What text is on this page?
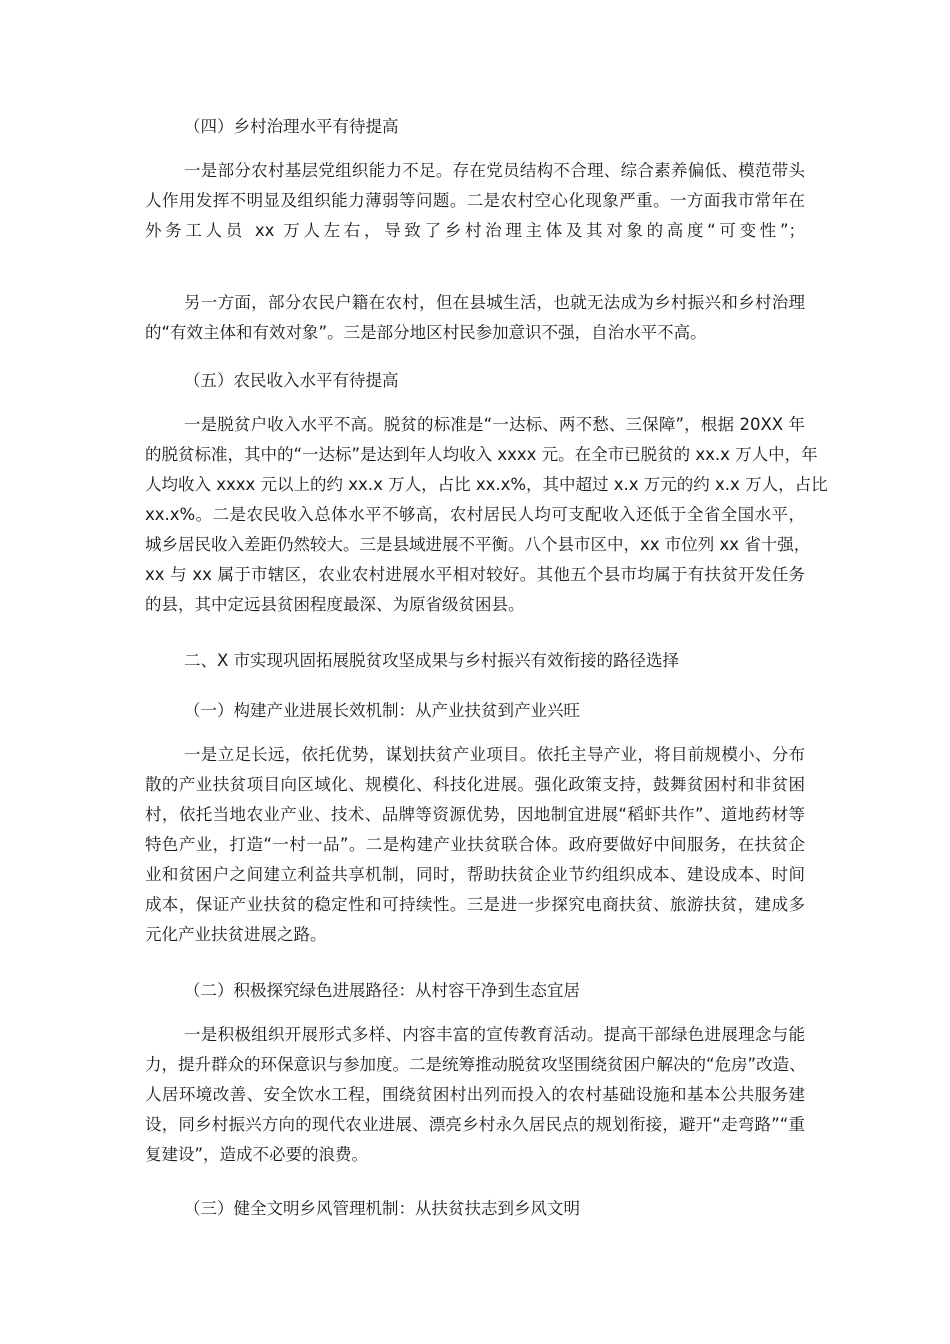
（四）乡村治理水平有待提高
一是部分农村基层党组织能力不足。存在党员结构不合理、综合素养偏低、模范带头
人作用发挥不明显及组织能力薄弱等问题。二是农村空心化现象严重。一方面我市常年在
外务工人员 xx 万人左右，导致了乡村治理主体及其对象的高度“可变性”；
另一方面，部分农民户籍在农村，但在县城生活，也就无法成为乡村振兴和乡村治理
的“有效主体和有效对象”。三是部分地区村民参加意识不强，自治水平不高。
（五）农民收入水平有待提高
一是脱贫户收入水平不高。脱贫的标准是“一达标、两不愁、三保障”，根据 20XX 年
的脱贫标准，其中的“一达标”是达到年人均收入 xxxx 元。在全市已脱贫的 xx.x 万人中，年
人均收入 xxxx 元以上的约 xx.x 万人，占比 xx.x%，其中超过 x.x 万元的约 x.x 万人，占比
xx.x%。二是农民收入总体水平不够高，农村居民人均可支配收入还低于全省全国水平，
城乡居民收入差距仍然较大。三是县域进展不平衡。八个县市区中，xx 市位列 xx 省十强，
xx 与 xx 属于市辖区，农业农村进展水平相对较好。其他五个县市均属于有扶贫开发任务
的县，其中定远县贫困程度最深、为原省级贫困县。
二、X 市实现巩固拓展脱贫攻坚成果与乡村振兴有效衔接的路径选择
（一）构建产业进展长效机制：从产业扶贫到产业兴旺
一是立足长远，依托优势，谋划扶贫产业项目。依托主导产业，将目前规模小、分布
散的产业扶贫项目向区域化、规模化、科技化进展。强化政策支持，鼓舞贫困村和非贫困
村，依托当地农业产业、技术、品牌等资源优势，因地制宜进展“稻虾共作”、道地药材等
特色产业，打造“一村一品”。二是构建产业扶贫联合体。政府要做好中间服务，在扶贫企
业和贫困户之间建立利益共享机制，同时，帮助扶贫企业节约组织成本、建设成本、时间
成本，保证产业扶贫的稳定性和可持续性。三是进一步探究电商扶贫、旅游扶贫，建成多
元化产业扶贫进展之路。
（二）积极探究绿色进展路径：从村容干净到生态宜居
一是积极组织开展形式多样、内容丰富的宣传教育活动。提高干部绿色进展理念与能
力，提升群众的环保意识与参加度。二是统筹推动脱贫攻坚围绕贫困户解决的“危房”改造、
人居环境改善、安全饮水工程，围绕贫困村出列而投入的农村基础设施和基本公共服务建
设，同乡村振兴方向的现代农业进展、漂亮乡村永久居民点的规划衔接，避开“走弯路”“重
复建设”，造成不必要的浪费。
（三）健全文明乡风管理机制：从扶贫扶志到乡风文明
